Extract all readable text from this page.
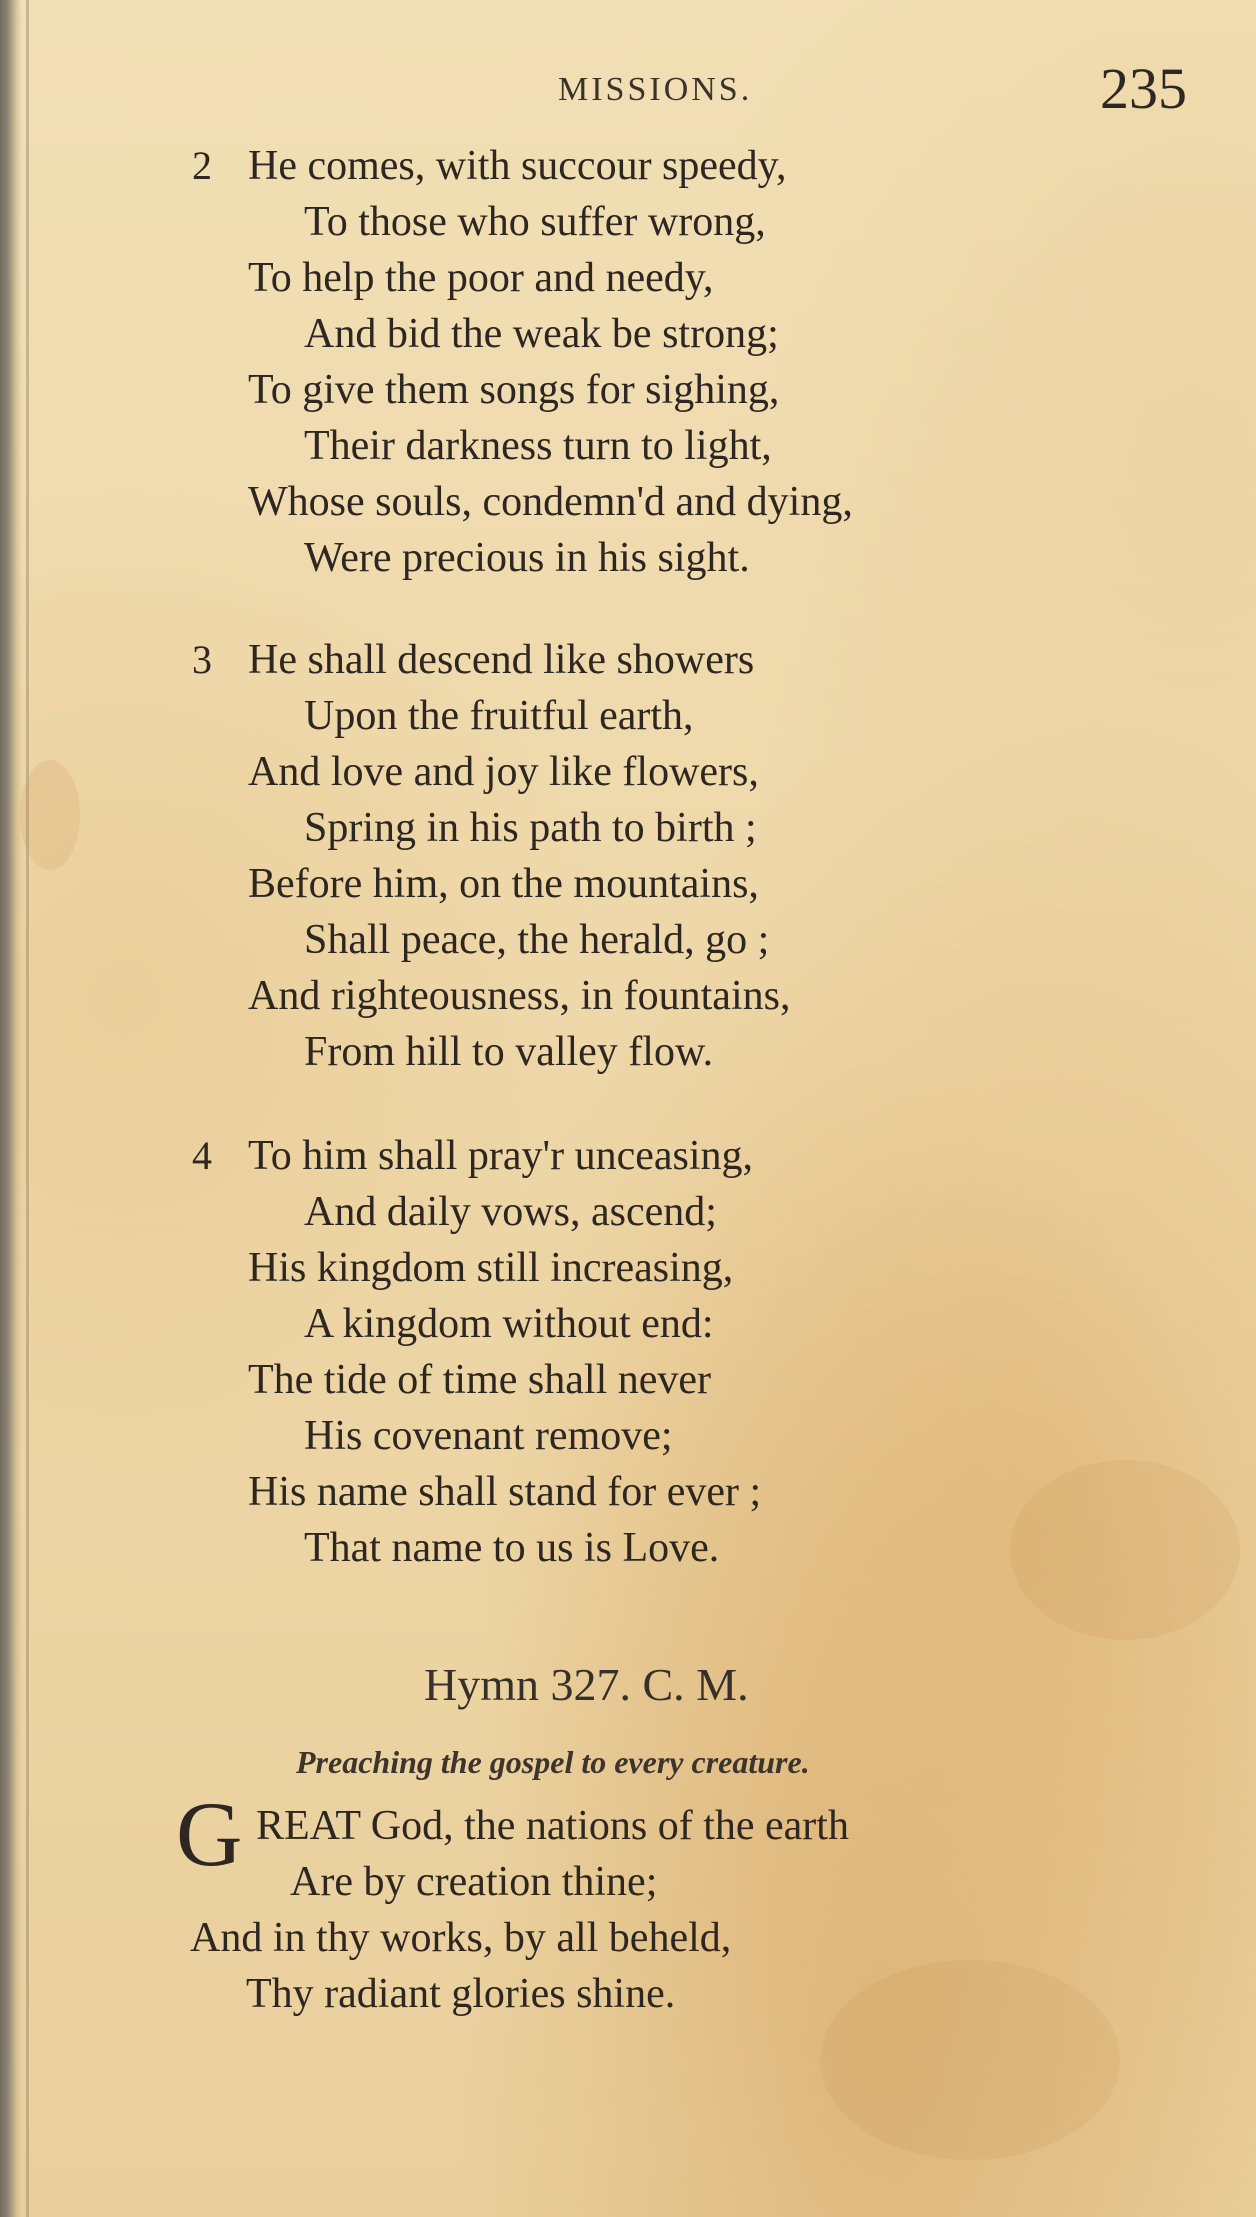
MISSIONS.	235
2 He comes, with succour speedy,
To those who suffer wrong,
To help the poor and needy,
And bid the weak be strong;
To give them songs for sighing,
Their darkness turn to light,
Whose souls, condemn'd and dying,
Were precious in his sight.
3 He shall descend like showers
Upon the fruitful earth,
And love and joy like flowers,
Spring in his path to birth ;
Before him, on the mountains,
Shall peace, the herald, go ;
And righteousness, in fountains,
From hill to valley flow.
4 To him shall pray'r unceasing,
And daily vows, ascend;
His kingdom still increasing,
A kingdom without end:
The tide of time shall never
His covenant remove;
His name shall stand for ever ;
That name to us is Love.
Hymn 327. C. M.
Preaching the gospel to every creature.
G REAT God, the nations of the earth
Are by creation thine;
And in thy works, by all beheld,
Thy radiant glories shine.
